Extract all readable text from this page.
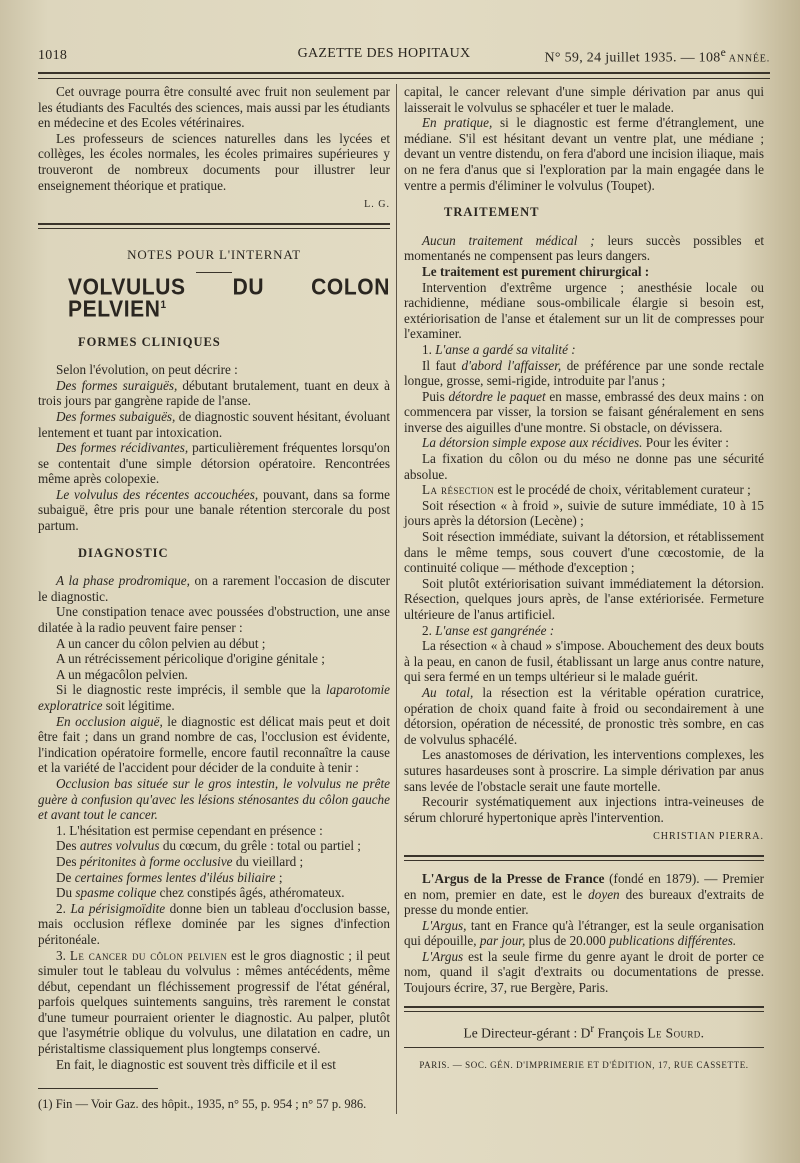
1018	GAZETTE DES HOPITAUX	N° 59, 24 juillet 1935. — 108e ANNÉE.

Cet ouvrage pourra être consulté avec fruit non seulement par les étudiants des Facultés des sciences, mais aussi par les étudiants en médecine et des Ecoles vétérinaires.

Les professeurs de sciences naturelles dans les lycées et collèges, les écoles normales, les écoles primaires supérieures y trouveront de nombreux documents pour illustrer leur enseignement théorique et pratique.

L. G.
NOTES POUR L'INTERNAT
VOLVULUS DU COLON PELVIEN$^1$
FORMES CLINIQUES

Selon l'évolution, on peut décrire :

Des formes suraiguës, débutant brutalement, tuant en deux à trois jours par gangrène rapide de l'anse.

Des formes subaiguës, de diagnostic souvent hésitant, évoluant lentement et tuant par intoxication.

Des formes récidivantes, particulièrement fréquentes lorsqu'on se contentait d'une simple détorsion opératoire. Rencontrées même après colopexie.

Le volvulus des récentes accouchées, pouvant, dans sa forme subaiguë, être pris pour une banale rétention stercorale du post partum.

DIAGNOSTIC

A la phase prodromique, on a rarement l'occasion de discuter le diagnostic.

Une constipation tenace avec poussées d'obstruction, une anse dilatée à la radio peuvent faire penser :

A un cancer du côlon pelvien au début ;

A un rétrécissement péricolique d'origine génitale ;

A un mégacôlon pelvien.

Si le diagnostic reste imprécis, il semble que la laparotomie exploratrice soit légitime.

En occlusion aiguë, le diagnostic est délicat mais peut et doit être fait ; dans un grand nombre de cas, l'occlusion est évidente, l'indication opératoire formelle, encore fautil reconnaître la cause et la variété de l'accident pour décider de la conduite à tenir :

Occlusion bas située sur le gros intestin, le volvulus ne prête guère à confusion qu'avec les lésions sténosantes du côlon gauche et avant tout le cancer.

1. L'hésitation est permise cependant en présence :

Des autres volvulus du cœcum, du grêle : total ou partiel ;

Des péritonites à forme occlusive du vieillard ;

De certaines formes lentes d'iléus biliaire ;

Du spasme colique chez constipés âgés, athéromateux.

2. La périsigmoïdite donne bien un tableau d'occlusion basse, mais occlusion réflexe dominée par les signes d'infection péritonéale.

3. Le cancer du côlon pelvien est le gros diagnostic ; il peut simuler tout le tableau du volvulus : mêmes antécédents, même début, cependant un fléchissement progressif de l'état général, parfois quelques suintements sanguins, très rarement le constat d'une tumeur pourraient orienter le diagnostic. Au palper, plutôt que l'asymétrie oblique du volvulus, une dilatation en cadre, un péristaltisme classiquement plus longtemps conservé.

En fait, le diagnostic est souvent très difficile et il est

(1) Fin — Voir Gaz. des hôpit., 1935, n° 55, p. 954 ; n° 57 p. 986.

capital, le cancer relevant d'une simple dérivation par anus qui laisserait le volvulus se sphacéler et tuer le malade.

En pratique, si le diagnostic est ferme d'étranglement, une médiane. S'il est hésitant devant un ventre plat, une médiane ; devant un ventre distendu, on fera d'abord une incision iliaque, mais on ne fera d'anus que si l'exploration par la main engagée dans le ventre a permis d'éliminer le volvulus (Toupet).

TRAITEMENT

Aucun traitement médical ; leurs succès possibles et momentanés ne compensent pas leurs dangers.

Le traitement est purement chirurgical :

Intervention d'extrême urgence ; anesthésie locale ou rachidienne, médiane sous-ombilicale élargie si besoin est, extériorisation de l'anse et étalement sur un lit de compresses pour l'examiner.

1. L'anse a gardé sa vitalité :

Il faut d'abord l'affaisser, de préférence par une sonde rectale longue, grosse, semi-rigide, introduite par l'anus ;

Puis détordre le paquet en masse, embrassé des deux mains : on commencera par visser, la torsion se faisant généralement en sens inverse des aiguilles d'une montre. Si obstacle, on dévissera.

La détorsion simple expose aux récidives. Pour les éviter :

La fixation du côlon ou du méso ne donne pas une sécurité absolue.

La résection est le procédé de choix, véritablement curateur ;

Soit résection « à froid », suivie de suture immédiate, 10 à 15 jours après la détorsion (Lecène) ;

Soit résection immédiate, suivant la détorsion, et rétablissement dans le même temps, sous couvert d'une cœcostomie, de la continuité colique — méthode d'exception ;

Soit plutôt extériorisation suivant immédiatement la détorsion. Résection, quelques jours après, de l'anse extériorisée. Fermeture ultérieure de l'anus artificiel.

2. L'anse est gangrénée :

La résection « à chaud » s'impose. Abouchement des deux bouts à la peau, en canon de fusil, établissant un large anus contre nature, qui sera fermé en un temps ultérieur si le malade guérit.

Au total, la résection est la véritable opération curatrice, opération de choix quand faite à froid ou secondairement à une détorsion, opération de nécessité, de pronostic très sombre, en cas de volvulus sphacélé.

Les anastomoses de dérivation, les interventions complexes, les sutures hasardeuses sont à proscrire. La simple dérivation par anus sans levée de l'obstacle serait une faute mortelle.

Recourir systématiquement aux injections intra-veineuses de sérum chloruré hypertonique après l'intervention.

CHRISTIAN PIERRA.

L'Argus de la Presse de France (fondé en 1879). — Premier en nom, premier en date, est le doyen des bureaux d'extraits de presse du monde entier.

L'Argus, tant en France qu'à l'étranger, est la seule organisation qui dépouille, par jour, plus de 20.000 publications différentes.

L'Argus est la seule firme du genre ayant le droit de porter ce nom, quand il s'agit d'extraits ou documentations de presse. Toujours écrire, 37, rue Bergère, Paris.

Le Directeur-gérant : $D^r$ François Le Sourd.
PARIS. — SOC. GÉN. D'IMPRIMERIE ET D'ÉDITION, 17, RUE CASSETTE.
